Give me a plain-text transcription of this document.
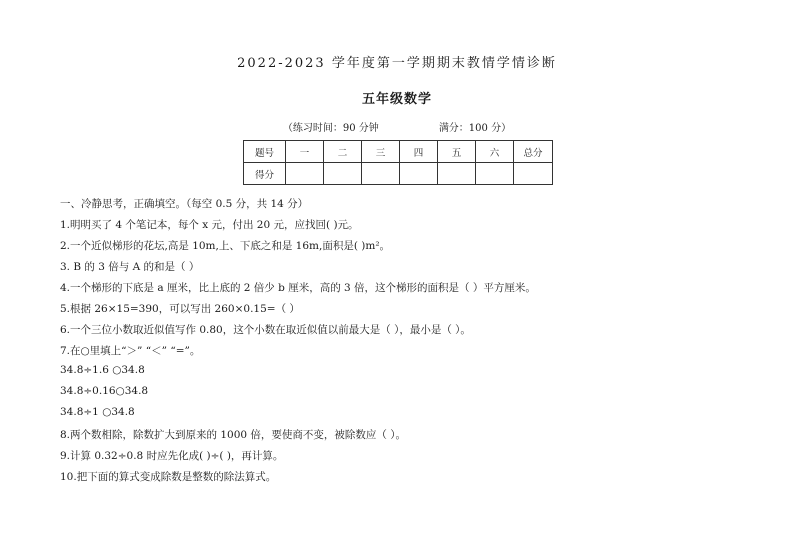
2022-2023 学年度第一学期期末教情学情诊断
五年级数学
（练习时间：90 分钟	满分：100 分）
题号	一	二	三	四	五	六	总分
得分							
一、冷静思考，正确填空。（每空 0.5 分，共 14 分）
1.明明买了 4 个笔记本，每个 x 元，付出 20 元，应找回( )元。
2.一个近似梯形的花坛,高是 10m,上、下底之和是 16m,面积是( )m²。
3. B 的 3 倍与 A 的和是（ ）
4.一个梯形的下底是 a 厘米，比上底的 2 倍少 b 厘米，高的 3 倍，这个梯形的面积是（ ）平方厘米。
5.根据 26×15=390，可以写出 260×0.15=（ ）
6.一个三位小数取近似值写作 0.80，这个小数在取近似值以前最大是（ ），最小是（ ）。
7.在○里填上“＞” “＜” “=”。
34.8÷1.6 ○34.8
34.8÷0.16○34.8
34.8÷1 ○34.8
8.两个数相除，除数扩大到原来的 1000 倍，要使商不变，被除数应（ ）。
9.计算 0.32÷0.8 时应先化成( )÷( )，再计算。
10.把下面的算式变成除数是整数的除法算式。
